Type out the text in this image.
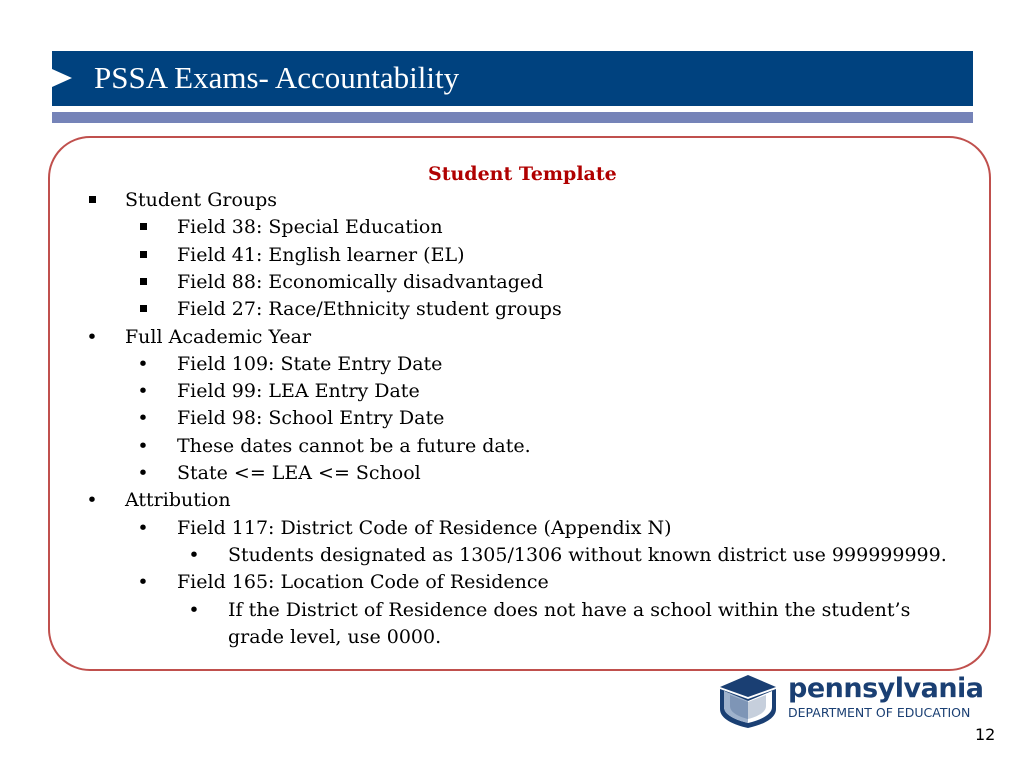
PSSA Exams- Accountability
Student Template
Student Groups
Field 38: Special Education
Field 41: English learner (EL)
Field 88: Economically disadvantaged
Field 27: Race/Ethnicity student groups
• Full Academic Year
• Field 109: State Entry Date
• Field 99: LEA Entry Date
• Field 98: School Entry Date
• These dates cannot be a future date.
• State <= LEA <= School
• Attribution
• Field 117: District Code of Residence (Appendix N)
• Students designated as 1305/1306 without known district use 999999999.
• Field 165: Location Code of Residence
• If the District of Residence does not have a school within the student’s
grade level, use 0000.
pennsylvania
DEPARTMENT OF EDUCATION
12
